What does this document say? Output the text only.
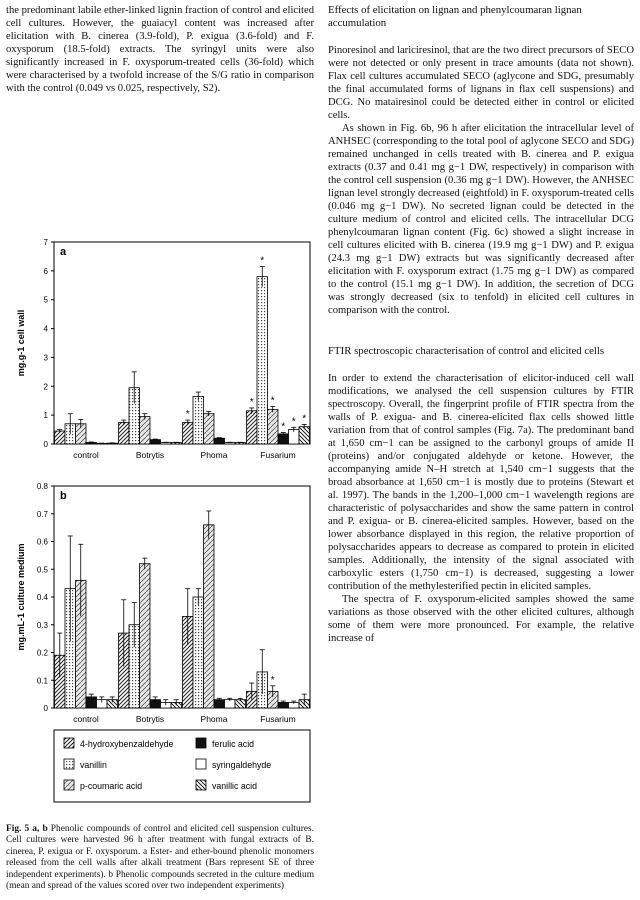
the predominant labile ether-linked lignin fraction of control and elicited cell cultures. However, the guaiacyl content was increased after elicitation with B. cinerea (3.9-fold), P. exigua (3.6-fold) and F. oxysporum (18.5-fold) extracts. The syringyl units were also significantly increased in F. oxysporum-treated cells (36-fold) which were characterised by a twofold increase of the S/G ratio in comparison with the control (0.049 vs 0.025, respectively, S2).

a
0
1
2
3
4
5
6
7
mg.g-1 cell wall
control	Botrytis	Phoma	Fusarium
*
*
*
*
* * *
b
0
0.1
0.2
0.3
0.4
0.5
0.6
0.7
0.8
mg.mL-1 culture medium
control	Botrytis	Phoma	Fusarium
*
4-hydroxybenzaldehyde	ferulic acid
vanillin	syringaldehyde
p-coumaric acid	vanillic acid
Fig. 5 a, b Phenolic compounds of control and elicited cell suspension cultures. Cell cultures were harvested 96 h after treatment with fungal extracts of B. cinerea, P. exigua or F. oxysporum. a Ester- and ether-bound phenolic monomers released from the cell walls after alkali treatment (Bars represent SE of three independent experiments). b Phenolic compounds secreted in the culture medium (mean and spread of the values scored over two independent experiments)
Effects of elicitation on lignan and phenylcoumaran lignan accumulation

Pinoresinol and lariciresinol, that are the two direct precursors of SECO were not detected or only present in trace amounts (data not shown). Flax cell cultures accumulated SECO (aglycone and SDG, presumably the final accumulated forms of lignans in flax cell suspensions) and DCG. No matairesinol could be detected either in control or elicited cells.

As shown in Fig. 6b, 96 h after elicitation the intracellular level of ANHSEC (corresponding to the total pool of aglycone SECO and SDG) remained unchanged in cells treated with B. cinerea and P. exigua extracts (0.37 and 0.41 mg g−1 DW, respectively) in comparison with the control cell suspension (0.36 mg g−1 DW). However, the ANHSEC lignan level strongly decreased (eightfold) in F. oxysporum-treated cells (0.046 mg g−1 DW). No secreted lignan could be detected in the culture medium of control and elicited cells. The intracellular DCG phenylcoumaran lignan content (Fig. 6c) showed a slight increase in cell cultures elicited with B. cinerea (19.9 mg g−1 DW) and P. exigua (24.3 mg g−1 DW) extracts but was significantly decreased after elicitation with F. oxysporum extract (1.75 mg g−1 DW) as compared to the control (15.1 mg g−1 DW). In addition, the secretion of DCG was strongly decreased (six to tenfold) in elicited cell cultures in comparison with the control.

FTIR spectroscopic characterisation of control and elicited cells

In order to extend the characterisation of elicitor-induced cell wall modifications, we analysed the cell suspension cultures by FTIR spectroscopy. Overall, the fingerprint profile of FTIR spectra from the walls of P. exigua- and B. cinerea-elicited flax cells showed little variation from that of control samples (Fig. 7a). The predominant band at 1,650 cm−1 can be assigned to the carbonyl groups of amide II (proteins) and/or conjugated aldehyde or ketone. However, the accompanying amide N–H stretch at 1,540 cm−1 suggests that the broad absorbance at 1,650 cm−1 is mostly due to proteins (Stewart et al. 1997). The bands in the 1,200–1,000 cm−1 wavelength regions are characteristic of polysaccharides and show the same pattern in control and P. exigua- or B. cinerea-elicited samples. However, based on the lower absorbance displayed in this region, the relative proportion of polysaccharides appears to decrease as compared to protein in elicited samples. Additionally, the intensity of the signal associated with carboxylic esters (1,750 cm−1) is decreased, suggesting a lower contribution of the methylesterified pectin in elicited samples.

The spectra of F. oxysporum-elicited samples showed the same variations as those observed with the other elicited cultures, although some of them were more pronounced. For example, the relative increase of
